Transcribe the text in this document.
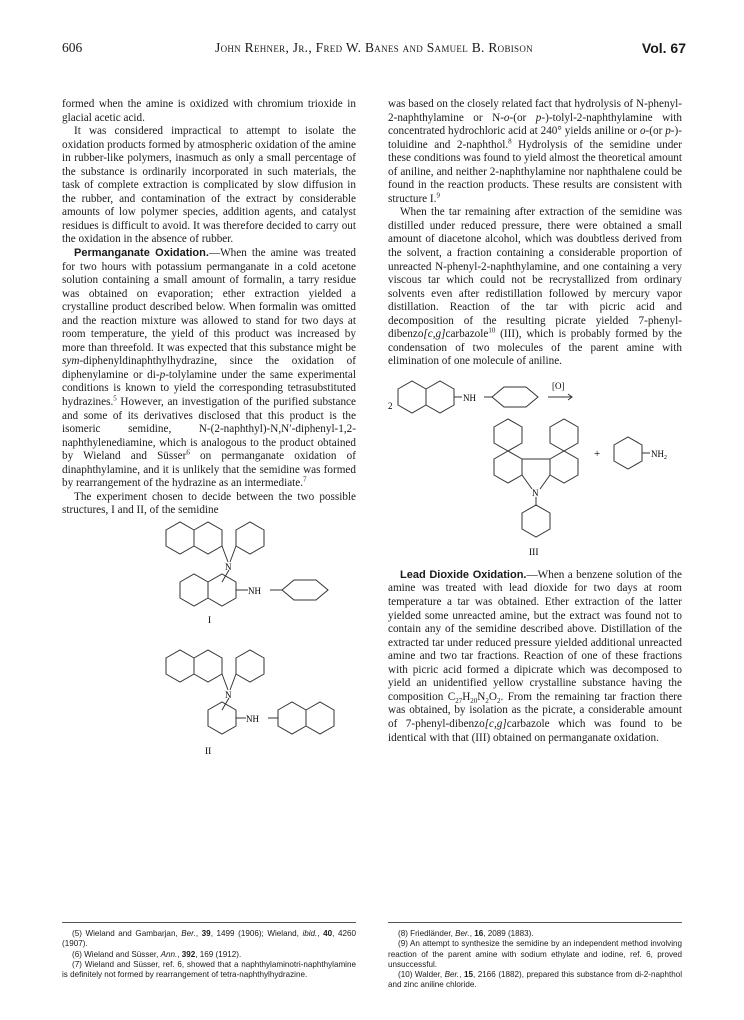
606	John Rehner, Jr., Fred W. Banes and Samuel B. Robison	Vol. 67

formed when the amine is oxidized with chromium trioxide in glacial acetic acid.

It was considered impractical to attempt to isolate the oxidation products formed by atmospheric oxidation of the amine in rubber-like polymers, inasmuch as only a small percentage of the substance is ordinarily incorporated in such materials, the task of complete extraction is complicated by slow diffusion in the rubber, and contamination of the extract by considerable amounts of low polymer species, addition agents, and catalyst residues is difficult to avoid. It was therefore decided to carry out the oxidation in the absence of rubber.

Permanganate Oxidation.—When the amine was treated for two hours with potassium permanganate in a cold acetone solution containing a small amount of formalin, a tarry residue was obtained on evaporation; ether extraction yielded a crystalline product described below. When formalin was omitted and the reaction mixture was allowed to stand for two days at room temperature, the yield of this product was increased by more than threefold. It was expected that this substance might be sym-diphenyldinaphthylhydrazine, since the oxidation of diphenylamine or di-p-tolylamine under the same experimental conditions is known to yield the corresponding tetrasubstituted hydrazines.$^5$ However, an investigation of the purified substance and some of its derivatives disclosed that this product is the isomeric semidine, N-(2-naphthyl)-N,N′-diphenyl-1,2-naphthylenediamine, which is analogous to the product obtained by Wieland and Süsser$^6$ on permanganate oxidation of dinaphthylamine, and it is unlikely that the semidine was formed by rearrangement of the hydrazine as an intermediate.$^7$

The experiment chosen to decide between the two possible structures, I and II, of the semidine

N
NH
I
N
NH
II

was based on the closely related fact that hydrolysis of N-phenyl-2-naphthylamine or N-o-(or p-)-tolyl-2-naphthylamine with concentrated hydrochloric acid at 240° yields aniline or o-(or p-)-toluidine and 2-naphthol.$^8$ Hydrolysis of the semidine under these conditions was found to yield almost the theoretical amount of aniline, and neither 2-naphthylamine nor naphthalene could be found in the reaction products. These results are consistent with structure I.$^9$

When the tar remaining after extraction of the semidine was distilled under reduced pressure, there were obtained a small amount of diacetone alcohol, which was doubtless derived from the solvent, a fraction containing a considerable proportion of unreacted N-phenyl-2-naphthylamine, and one containing a very viscous tar which could not be recrystallized from ordinary solvents even after redistillation followed by mercury vapor distillation. Reaction of the tar with picric acid and decomposition of the resulting picrate yielded 7-phenyl-dibenzo[c,g]carbazole$^{10}$ (III), which is probably formed by the condensation of two molecules of the parent amine with elimination of one molecule of aniline.

2
NH
[O]
N
+	$NH_2$
III

Lead Dioxide Oxidation.—When a benzene solution of the amine was treated with lead dioxide for two days at room temperature a tar was obtained. Ether extraction of the latter yielded some unreacted amine, but the extract was found not to contain any of the semidine described above. Distillation of the extracted tar under reduced pressure yielded additional unreacted amine and two tar fractions. Reaction of one of these fractions with picric acid formed a dipicrate which was decomposed to yield an unidentified yellow crystalline substance having the composition $C_{27}H_{20}N_2O_2$. From the remaining tar fraction there was obtained, by isolation as the picrate, a considerable amount of 7-phenyl-dibenzo[c,g]carbazole which was found to be identical with that (III) obtained on permanganate oxidation.

(5) Wieland and Gambarjan, Ber., 39, 1499 (1906); Wieland, ibid., 40, 4260 (1907).

(6) Wieland and Süsser, Ann., 392, 169 (1912).

(7) Wieland and Süsser, ref. 6, showed that a naphthylaminotri-naphthylamine is definitely not formed by rearrangement of tetra-naphthylhydrazine.

(8) Friedländer, Ber., 16, 2089 (1883).

(9) An attempt to synthesize the semidine by an independent method involving reaction of the parent amine with sodium ethylate and iodine, ref. 6, proved unsuccessful.

(10) Walder, Ber., 15, 2166 (1882), prepared this substance from di-2-naphthol and zinc aniline chloride.
